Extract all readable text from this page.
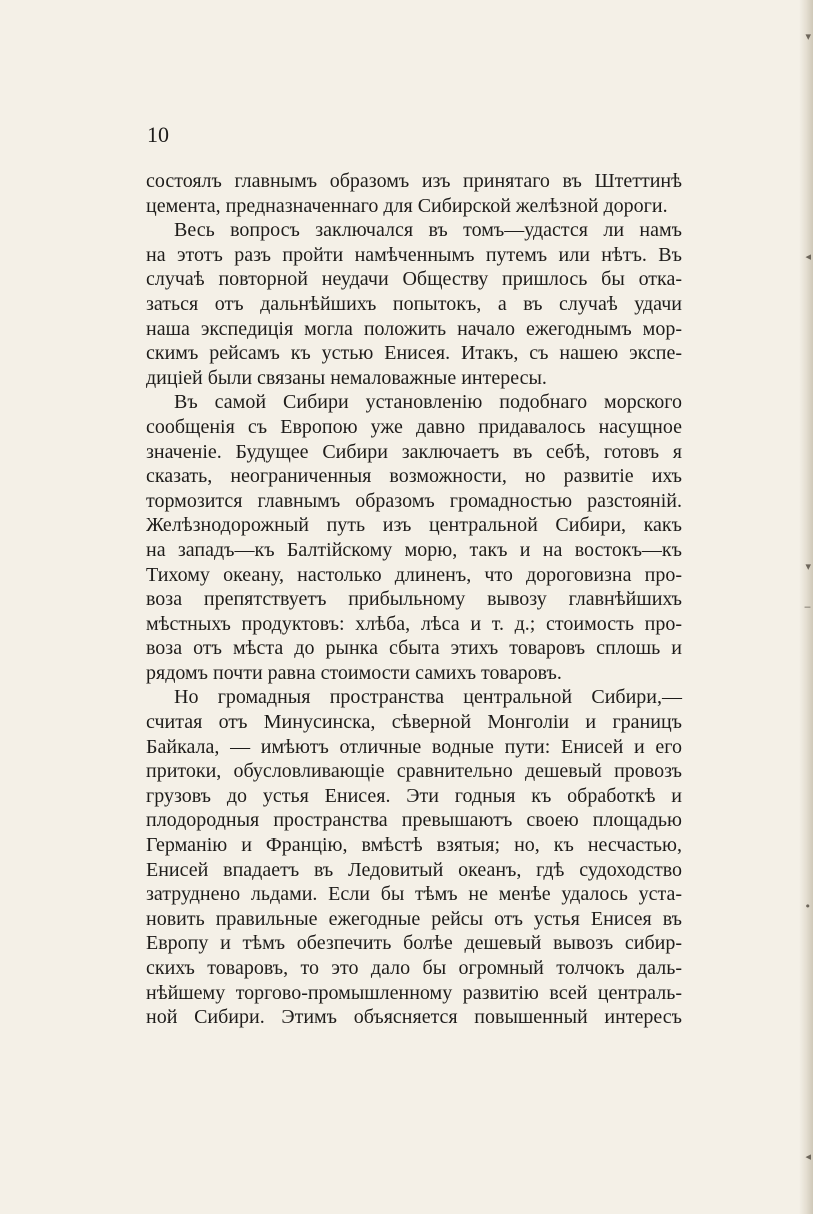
10

состоялъ главнымъ образомъ изъ принятаго въ Штеттинѣ
цемента, предназначеннаго для Сибирской желѣзной дороги.
Весь вопросъ заключался въ томъ—удастся ли намъ
на этотъ разъ пройти намѣченнымъ путемъ или нѣтъ. Въ
случаѣ повторной неудачи Обществу пришлось бы отка-
заться отъ дальнѣйшихъ попытокъ, а въ случаѣ удачи
наша экспедиція могла положить начало ежегоднымъ мор-
скимъ рейсамъ къ устью Енисея. Итакъ, съ нашею экспе-
диціей были связаны немаловажные интересы.
Въ самой Сибири установленію подобнаго морского
сообщенія съ Европою уже давно придавалось насущное
значеніе. Будущее Сибири заключаетъ въ себѣ, готовъ я
сказать, неограниченныя возможности, но развитіе ихъ
тормозится главнымъ образомъ громадностью разстояній.
Желѣзнодорожный путь изъ центральной Сибири, какъ
на западъ—къ Балтійскому морю, такъ и на востокъ—къ
Тихому океану, настолько длиненъ, что дороговизна про-
воза препятствуетъ прибыльному вывозу главнѣйшихъ
мѣстныхъ продуктовъ: хлѣба, лѣса и т. д.; стоимость про-
воза отъ мѣста до рынка сбыта этихъ товаровъ сплошь и
рядомъ почти равна стоимости самихъ товаровъ.
Но громадныя пространства центральной Сибири,—
считая отъ Минусинска, сѣверной Монголіи и границъ
Байкала, — имѣютъ отличные водные пути: Енисей и его
притоки, обусловливающіе сравнительно дешевый провозъ
грузовъ до устья Енисея. Эти годныя къ обработкѣ и
плодородныя пространства превышаютъ своею площадью
Германію и Францію, вмѣстѣ взятыя; но, къ несчастью,
Енисей впадаетъ въ Ледовитый океанъ, гдѣ судоходство
затруднено льдами. Если бы тѣмъ не менѣе удалось уста-
новить правильные ежегодные рейсы отъ устья Енисея въ
Европу и тѣмъ обезпечить болѣе дешевый вывозъ сибир-
скихъ товаровъ, то это дало бы огромный толчокъ даль-
нѣйшему торгово-промышленному развитію всей централь-
ной Сибири. Этимъ объясняется повышенный интересъ
▾
◂
▾
‒
•
◂
